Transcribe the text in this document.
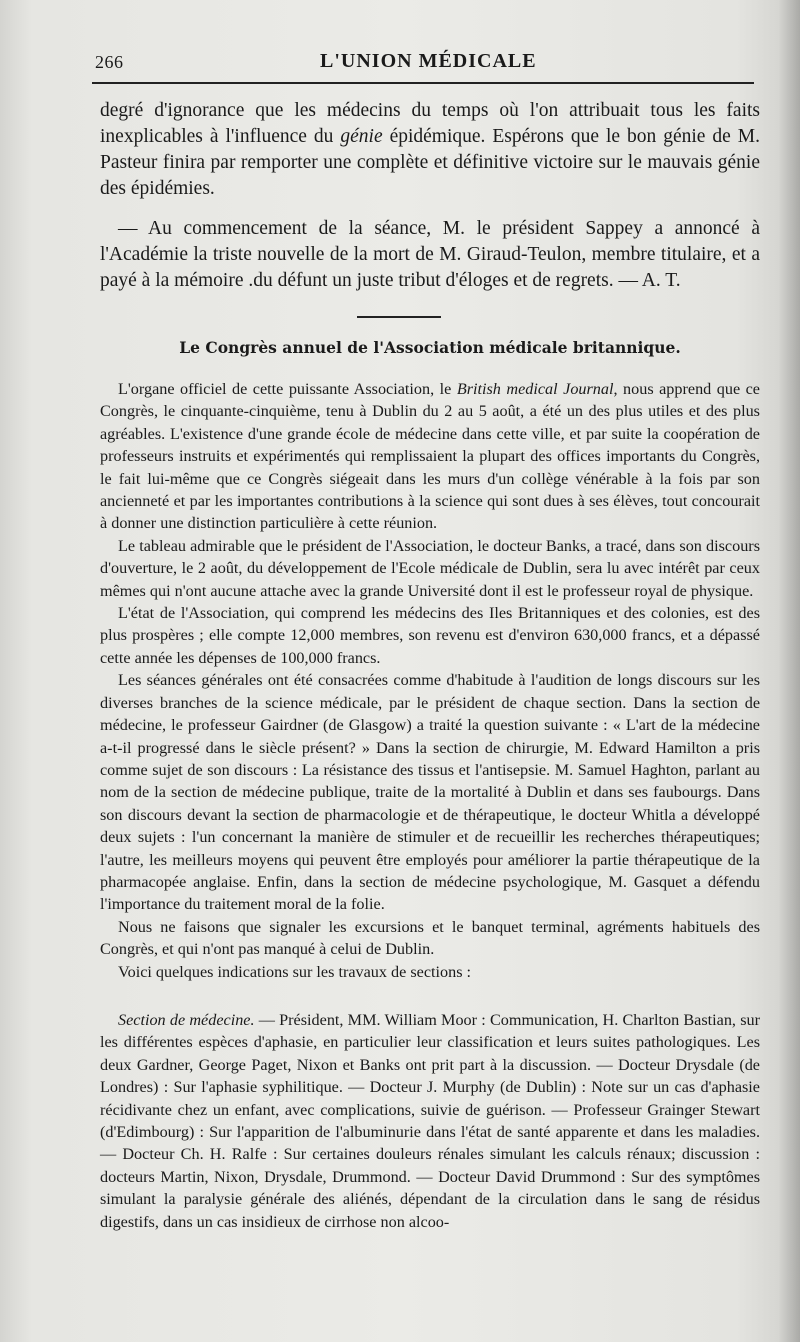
266	L'UNION MÉDICALE

degré d'ignorance que les médecins du temps où l'on attribuait tous les faits inexplicables à l'influence du génie épidémique. Espérons que le bon génie de M. Pasteur finira par remporter une complète et définitive victoire sur le mauvais génie des épidémies.

— Au commencement de la séance, M. le président Sappey a annoncé à l'Académie la triste nouvelle de la mort de M. Giraud-Teulon, membre titulaire, et a payé à la mémoire .du défunt un juste tribut d'éloges et de regrets. — A. T.

Le Congrès annuel de l'Association médicale britannique.

L'organe officiel de cette puissante Association, le British medical Journal, nous apprend que ce Congrès, le cinquante-cinquième, tenu à Dublin du 2 au 5 août, a été un des plus utiles et des plus agréables. L'existence d'une grande école de médecine dans cette ville, et par suite la coopération de professeurs instruits et expérimentés qui remplissaient la plupart des offices importants du Congrès, le fait lui-même que ce Congrès siégeait dans les murs d'un collège vénérable à la fois par son ancienneté et par les importantes contributions à la science qui sont dues à ses élèves, tout concourait à donner une distinction particulière à cette réunion.

Le tableau admirable que le président de l'Association, le docteur Banks, a tracé, dans son discours d'ouverture, le 2 août, du développement de l'Ecole médicale de Dublin, sera lu avec intérêt par ceux mêmes qui n'ont aucune attache avec la grande Université dont il est le professeur royal de physique.

L'état de l'Association, qui comprend les médecins des Iles Britanniques et des colonies, est des plus prospères ; elle compte 12,000 membres, son revenu est d'environ 630,000 francs, et a dépassé cette année les dépenses de 100,000 francs.

Les séances générales ont été consacrées comme d'habitude à l'audition de longs discours sur les diverses branches de la science médicale, par le président de chaque section. Dans la section de médecine, le professeur Gairdner (de Glasgow) a traité la question suivante : « L'art de la médecine a-t-il progressé dans le siècle présent? » Dans la section de chirurgie, M. Edward Hamilton a pris comme sujet de son discours : La résistance des tissus et l'antisepsie. M. Samuel Haghton, parlant au nom de la section de médecine publique, traite de la mortalité à Dublin et dans ses faubourgs. Dans son discours devant la section de pharmacologie et de thérapeutique, le docteur Whitla a développé deux sujets : l'un concernant la manière de stimuler et de recueillir les recherches thérapeutiques; l'autre, les meilleurs moyens qui peuvent être employés pour améliorer la partie thérapeutique de la pharmacopée anglaise. Enfin, dans la section de médecine psychologique, M. Gasquet a défendu l'importance du traitement moral de la folie.

Nous ne faisons que signaler les excursions et le banquet terminal, agréments habituels des Congrès, et qui n'ont pas manqué à celui de Dublin.

Voici quelques indications sur les travaux de sections :

Section de médecine. — Président, MM. William Moor : Communication, H. Charlton Bastian, sur les différentes espèces d'aphasie, en particulier leur classification et leurs suites pathologiques. Les deux Gardner, George Paget, Nixon et Banks ont prit part à la discussion. — Docteur Drysdale (de Londres) : Sur l'aphasie syphilitique. — Docteur J. Murphy (de Dublin) : Note sur un cas d'aphasie récidivante chez un enfant, avec complications, suivie de guérison. — Professeur Grainger Stewart (d'Edimbourg) : Sur l'apparition de l'albuminurie dans l'état de santé apparente et dans les maladies. — Docteur Ch. H. Ralfe : Sur certaines douleurs rénales simulant les calculs rénaux; discussion : docteurs Martin, Nixon, Drysdale, Drummond. — Docteur David Drummond : Sur des symptômes simulant la paralysie générale des aliénés, dépendant de la circulation dans le sang de résidus digestifs, dans un cas insidieux de cirrhose non alcoo-
